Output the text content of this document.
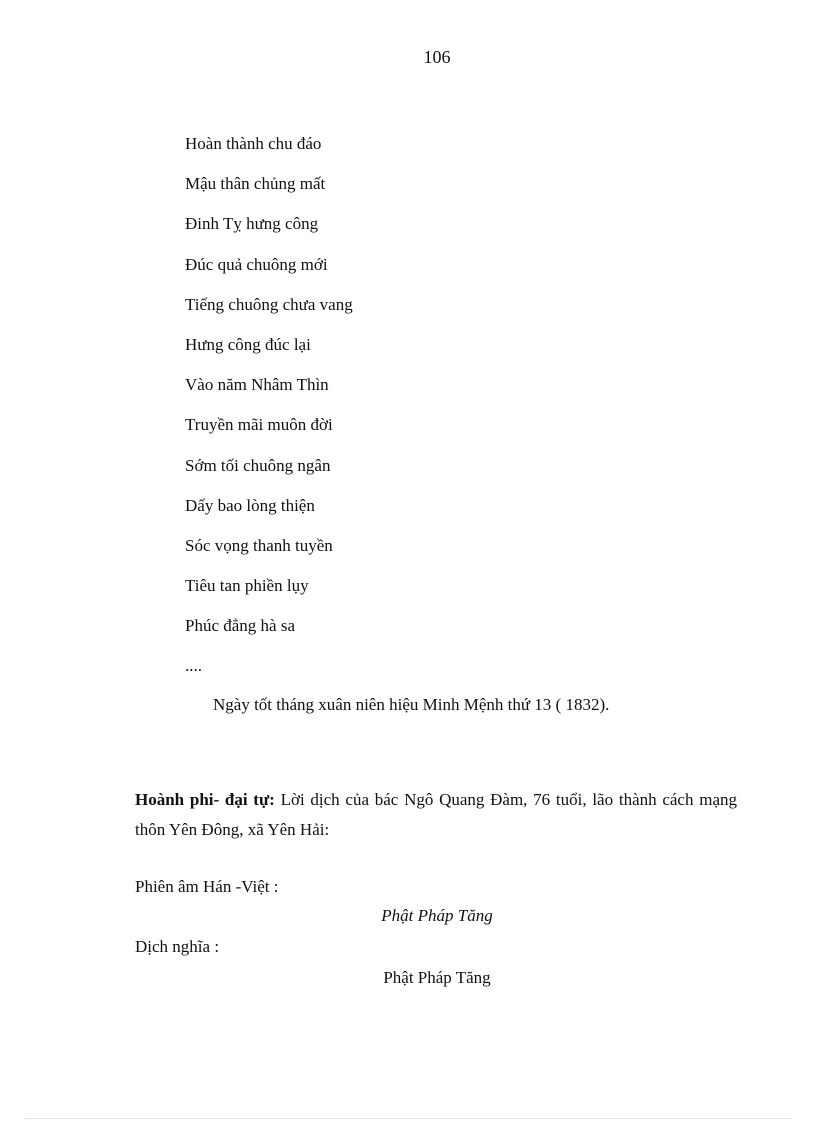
106
Hoàn thành chu đáo
Mậu thân chủng mất
Đinh Tỵ hưng công
Đúc quả chuông mới
Tiếng chuông chưa vang
Hưng công đúc lại
Vào năm Nhâm Thìn
Truyền mãi muôn đời
Sớm tối chuông ngân
Dấy bao lòng thiện
Sóc vọng thanh tuyền
Tiêu tan phiền lụy
Phúc đẳng hà sa
....
Ngày tốt tháng xuân niên hiệu Minh Mệnh thứ 13 ( 1832).
Hoành phi- đại tự: Lời dịch của bác Ngô Quang Đàm, 76 tuổi, lão thành cách mạng thôn Yên Đông, xã Yên Hải:
Phiên âm Hán -Việt :
Phật Pháp Tăng
Dịch nghĩa :
Phật Pháp Tăng
